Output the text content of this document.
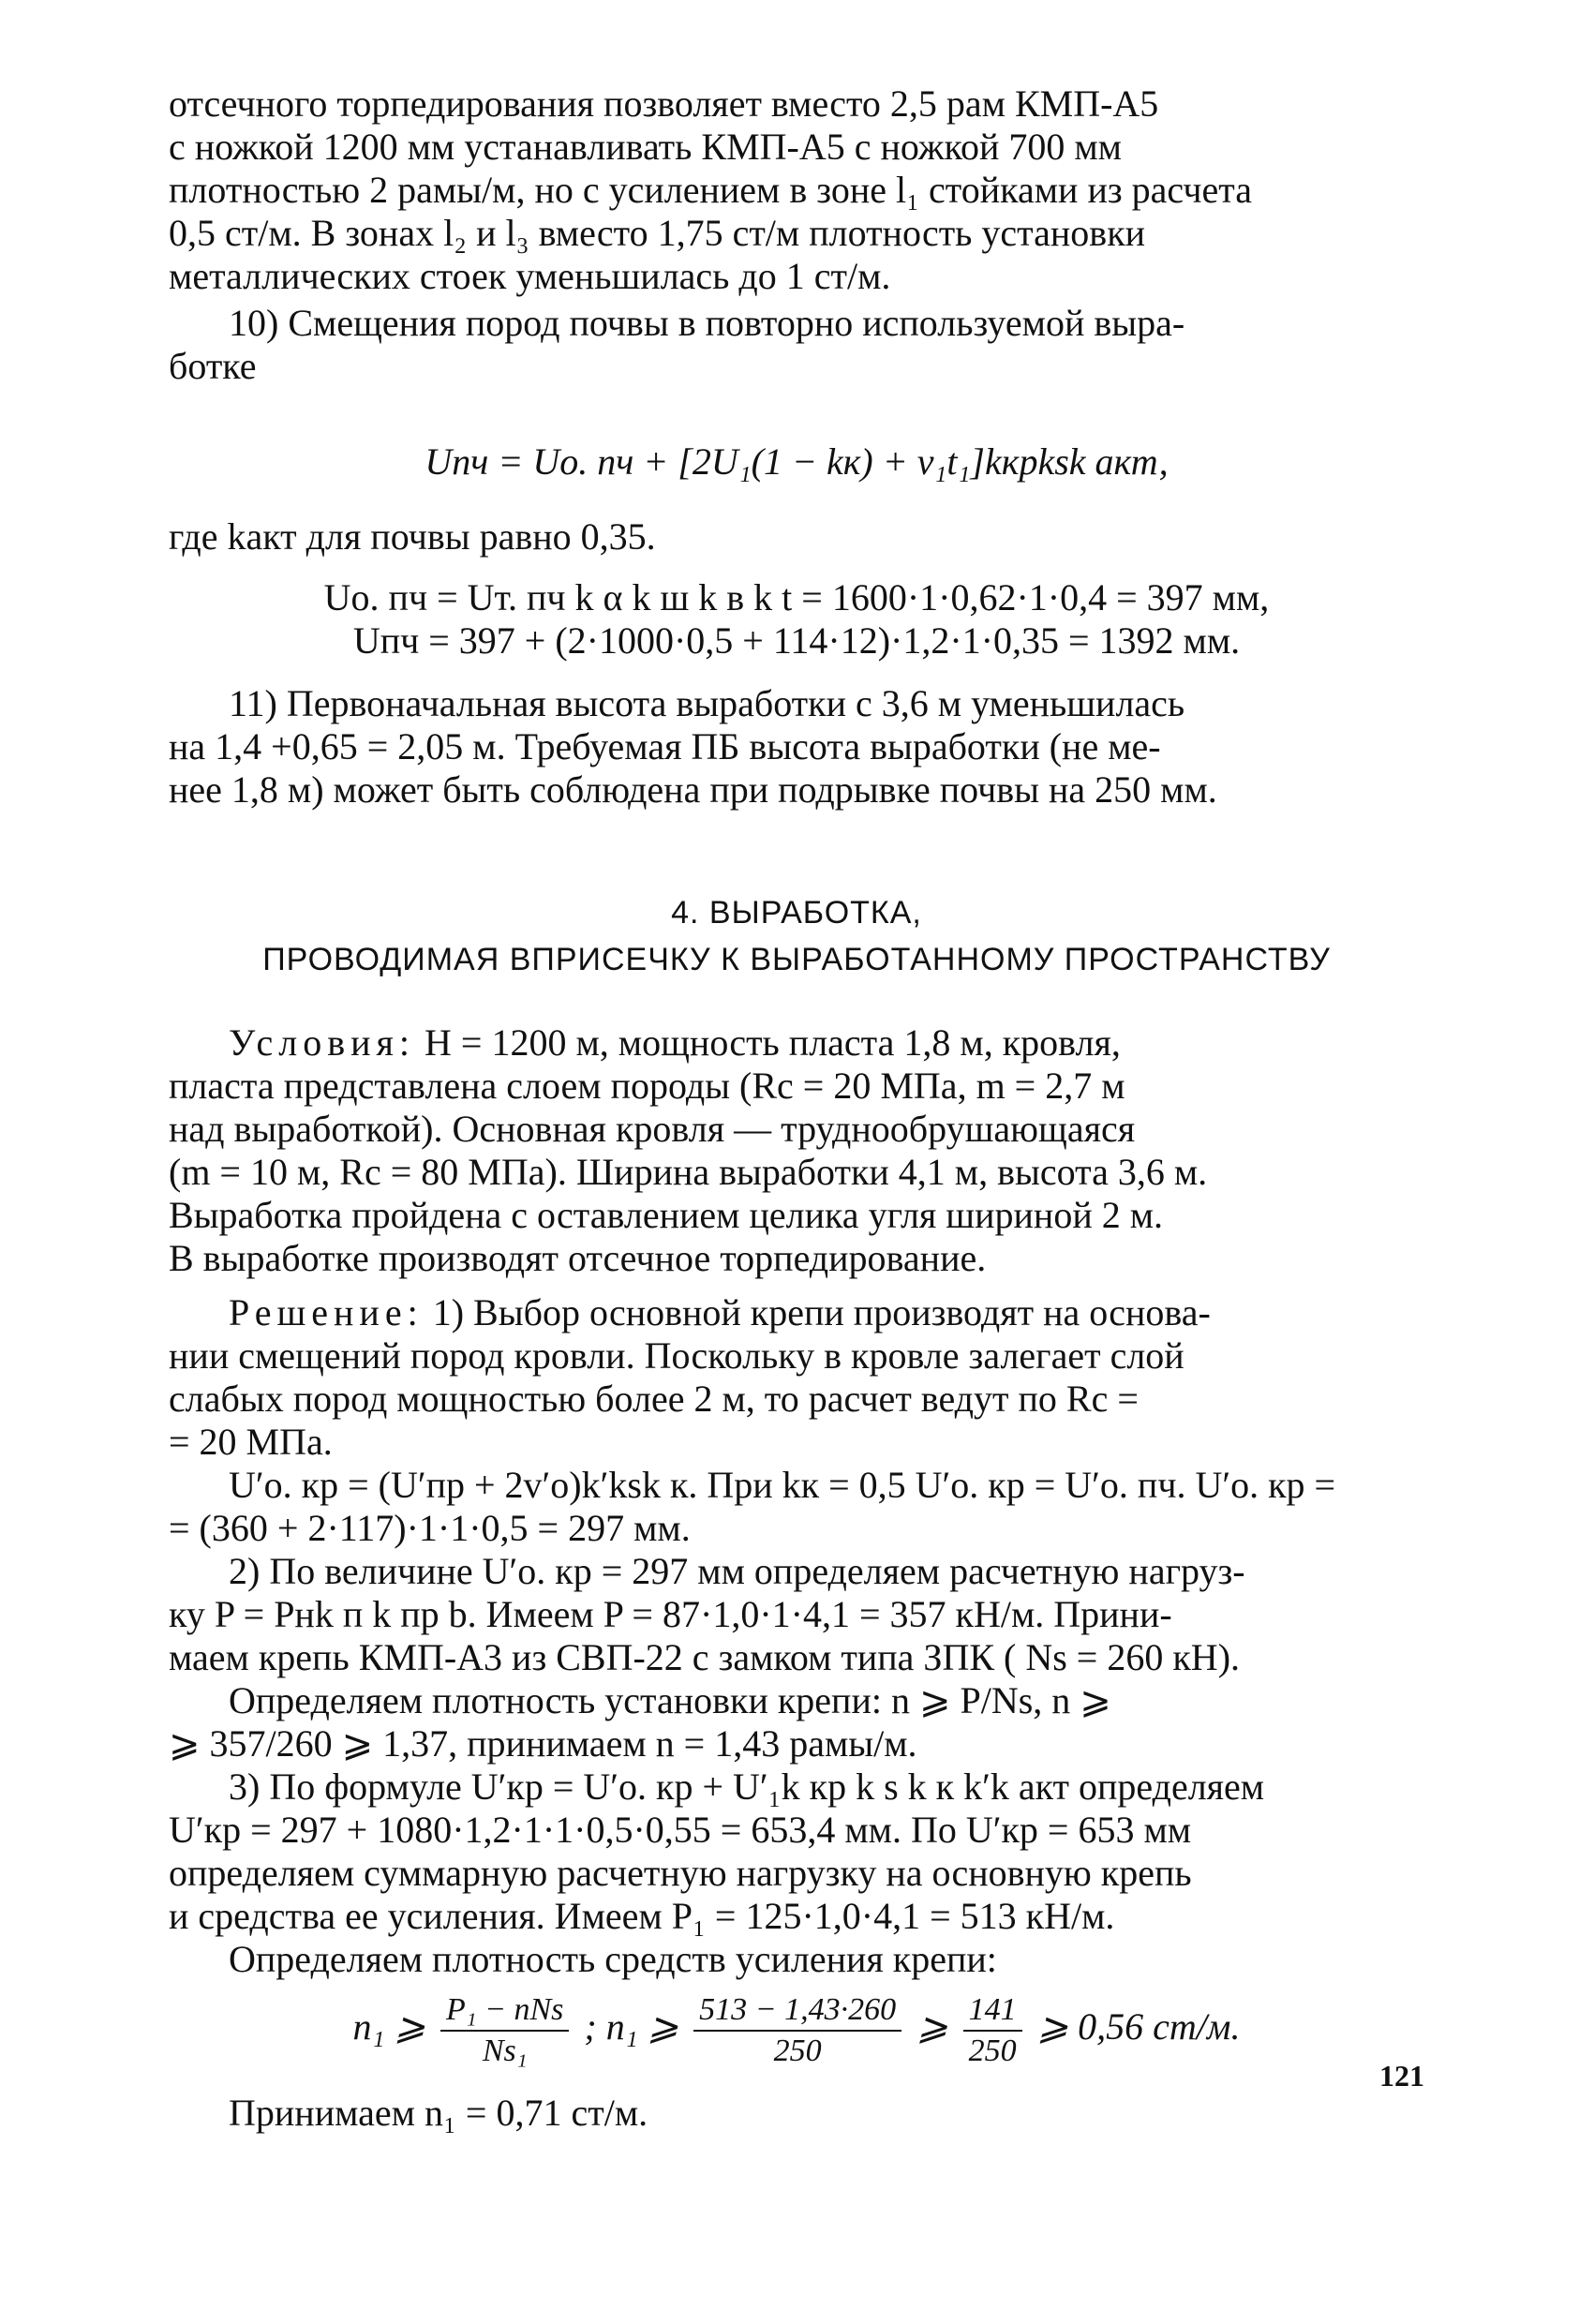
отсечного торпедирования позволяет вместо 2,5 рам КМП-А5
с ножкой 1200 мм устанавливать КМП-А5 с ножкой 700 мм
плотностью 2 рамы/м, но с усилением в зоне l₁ стойками из расчета
0,5 ст/м. В зонах l₂ и l₃ вместо 1,75 ст/м плотность установки
металлических стоек уменьшилась до 1 ст/м.
10) Смещения пород почвы в повторно используемой выра-
ботке
Uпч = Uо. пч + [2U₁(1 − kк) + v₁t₁]kкрksk акт,
где kакт для почвы равно 0,35.
Uо. пч = Uт. пч k α k ш k в k t = 1600·1·0,62·1·0,4 = 397 мм,
Uпч = 397 + (2·1000·0,5 + 114·12)·1,2·1·0,35 = 1392 мм.
11) Первоначальная высота выработки с 3,6 м уменьшилась
на 1,4 +0,65 = 2,05 м. Требуемая ПБ высота выработки (не ме-
нее 1,8 м) может быть соблюдена при подрывке почвы на 250 мм.
4. ВЫРАБОТКА,
ПРОВОДИМАЯ ВПРИСЕЧКУ К ВЫРАБОТАННОМУ ПРОСТРАНСТВУ
Условия: H = 1200 м, мощность пласта 1,8 м, кровля,
пласта представлена слоем породы (Rс = 20 МПа, m = 2,7 м
над выработкой). Основная кровля — труднообрушающаяся
(m = 10 м, Rс = 80 МПа). Ширина выработки 4,1 м, высота 3,6 м.
Выработка пройдена с оставлением целика угля шириной 2 м.
В выработке производят отсечное торпедирование.
Решение: 1) Выбор основной крепи производят на основа-
нии смещений пород кровли. Поскольку в кровле залегает слой
слабых пород мощностью более 2 м, то расчет ведут по Rс =
= 20 МПа.
U′о. кр = (U′пр + 2v′о)k′ksk к. При kк = 0,5 U′о. кр = U′о. пч. U′о. кр =
= (360 + 2·117)·1·1·0,5 = 297 мм.
2) По величине U′о. кр = 297 мм определяем расчетную нагруз-
ку P = Pнk п k пр b. Имеем P = 87·1,0·1·4,1 = 357 кН/м. Прини-
маем крепь КМП-А3 из СВП-22 с замком типа ЗПК ( Ns = 260 кН).
Определяем плотность установки крепи: n ⩾ P/Ns, n ⩾
⩾ 357/260 ⩾ 1,37, принимаем n = 1,43 рамы/м.
3) По формуле U′кр = U′о. кр + U′₁k кр k s k к k′k акт определяем
U′кр = 297 + 1080·1,2·1·1·0,5·0,55 = 653,4 мм. По U′кр = 653 мм
определяем суммарную расчетную нагрузку на основную крепь
и средства ее усиления. Имеем P₁ = 125·1,0·4,1 = 513 кН/м.
Определяем плотность средств усиления крепи:
n₁ ⩾ $\frac{\text{P₁ − nNs}}{\text{Ns₁}}$ ; n₁ ⩾ $\frac{513 - 1,43\cdot 260}{250}$ ⩾ $\frac{141}{250}$ ⩾ 0,56 ст/м.
Принимаем n₁ = 0,71 ст/м.
121
